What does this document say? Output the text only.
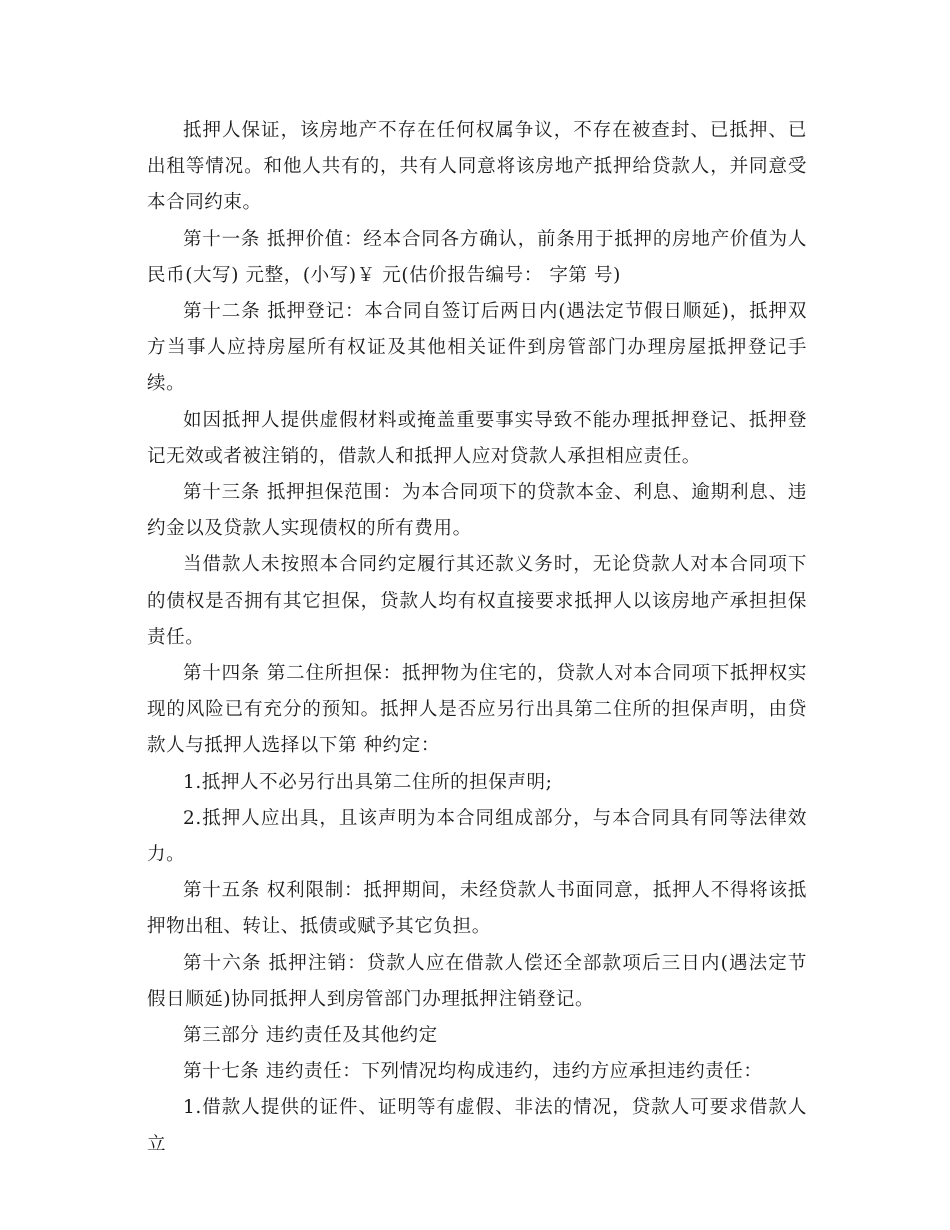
抵押人保证，该房地产不存在任何权属争议，不存在被查封、已抵押、已出租等情况。和他人共有的，共有人同意将该房地产抵押给贷款人，并同意受本合同约束。

第十一条 抵押价值：经本合同各方确认，前条用于抵押的房地产价值为人民币(大写) 元整，(小写)￥ 元(估价报告编号： 字第 号)

第十二条 抵押登记：本合同自签订后两日内(遇法定节假日顺延)，抵押双方当事人应持房屋所有权证及其他相关证件到房管部门办理房屋抵押登记手续。

如因抵押人提供虚假材料或掩盖重要事实导致不能办理抵押登记、抵押登记无效或者被注销的，借款人和抵押人应对贷款人承担相应责任。

第十三条 抵押担保范围：为本合同项下的贷款本金、利息、逾期利息、违约金以及贷款人实现债权的所有费用。

当借款人未按照本合同约定履行其还款义务时，无论贷款人对本合同项下的债权是否拥有其它担保，贷款人均有权直接要求抵押人以该房地产承担担保责任。

第十四条 第二住所担保：抵押物为住宅的，贷款人对本合同项下抵押权实现的风险已有充分的预知。抵押人是否应另行出具第二住所的担保声明，由贷款人与抵押人选择以下第 种约定：

1.抵押人不必另行出具第二住所的担保声明;

2.抵押人应出具，且该声明为本合同组成部分，与本合同具有同等法律效力。

第十五条 权利限制：抵押期间，未经贷款人书面同意，抵押人不得将该抵押物出租、转让、抵债或赋予其它负担。

第十六条 抵押注销：贷款人应在借款人偿还全部款项后三日内(遇法定节假日顺延)协同抵押人到房管部门办理抵押注销登记。

第三部分 违约责任及其他约定

第十七条 违约责任：下列情况均构成违约，违约方应承担违约责任：

1.借款人提供的证件、证明等有虚假、非法的情况，贷款人可要求借款人立
